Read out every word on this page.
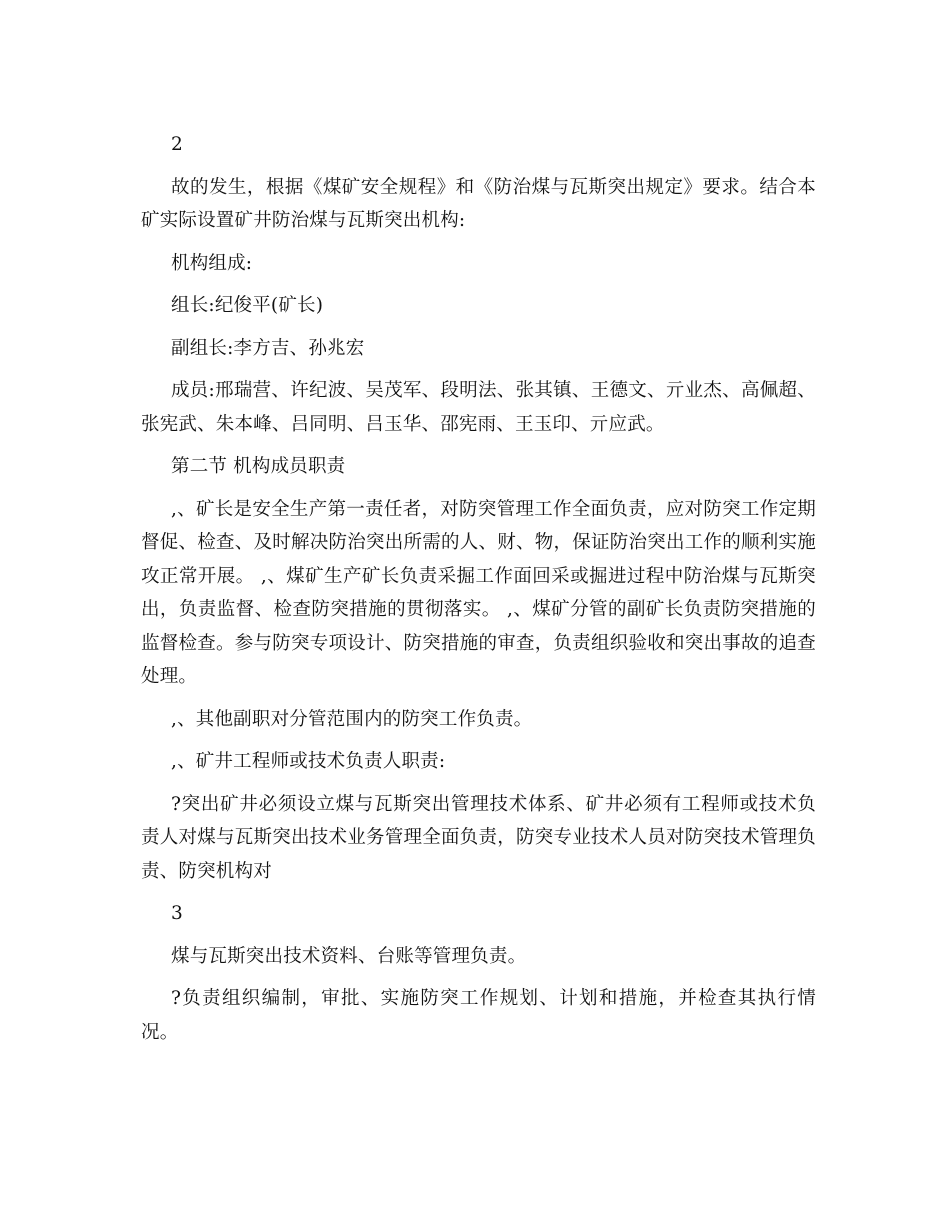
2

故的发生，根据《煤矿安全规程》和《防治煤与瓦斯突出规定》要求。结合本矿实际设置矿井防治煤与瓦斯突出机构:

机构组成:

组长:纪俊平(矿长)

副组长:李方吉、孙兆宏

成员:邢瑞营、许纪波、吴茂军、段明法、张其镇、王德文、亓业杰、高佩超、张宪武、朱本峰、吕同明、吕玉华、邵宪雨、王玉印、亓应武。

第二节 机构成员职责

,、矿长是安全生产第一责任者，对防突管理工作全面负责，应对防突工作定期督促、检查、及时解决防治突出所需的人、财、物，保证防治突出工作的顺利实施攻正常开展。 ,、煤矿生产矿长负责采掘工作面回采或掘进过程中防治煤与瓦斯突出，负责监督、检查防突措施的贯彻落实。 ,、煤矿分管的副矿长负责防突措施的监督检查。参与防突专项设计、防突措施的审查，负责组织验收和突出事故的追查处理。

,、其他副职对分管范围内的防突工作负责。

,、矿井工程师或技术负责人职责:

?突出矿井必须设立煤与瓦斯突出管理技术体系、矿井必须有工程师或技术负责人对煤与瓦斯突出技术业务管理全面负责，防突专业技术人员对防突技术管理负责、防突机构对

3

煤与瓦斯突出技术资料、台账等管理负责。

?负责组织编制，审批、实施防突工作规划、计划和措施，并检查其执行情况。
